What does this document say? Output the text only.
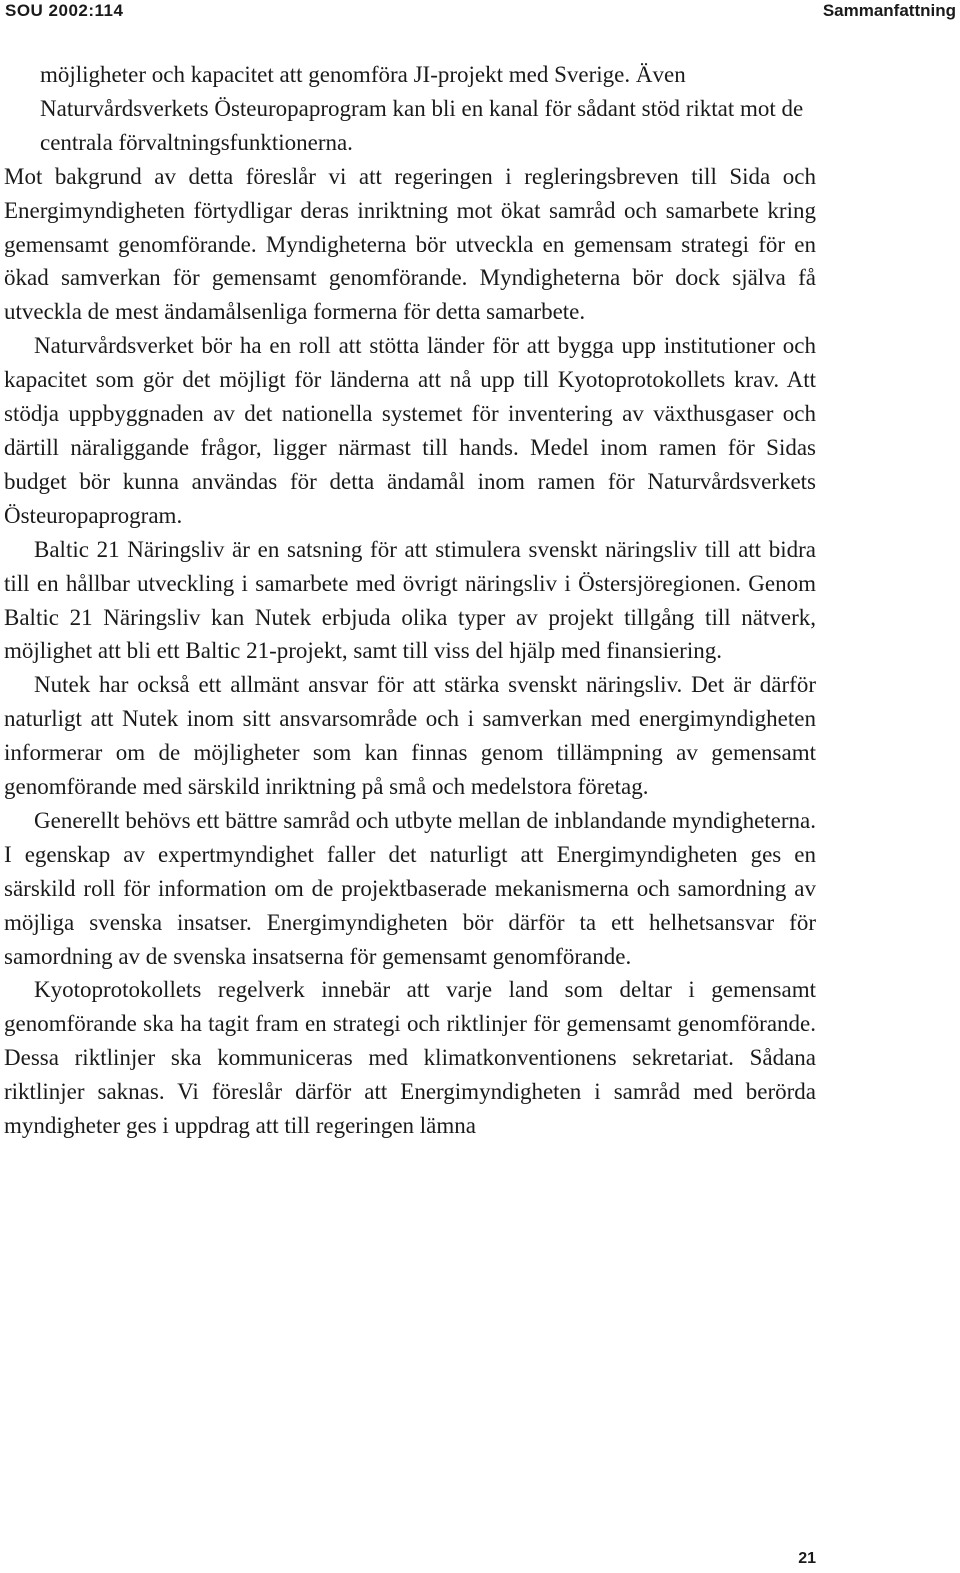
SOU 2002:114	Sammanfattning

möjligheter och kapacitet att genomföra JI-projekt med Sverige. Även Naturvårdsverkets Östeuropaprogram kan bli en kanal för sådant stöd riktat mot de centrala förvaltningsfunktionerna.

Mot bakgrund av detta föreslår vi att regeringen i regleringsbreven till Sida och Energimyndigheten förtydligar deras inriktning mot ökat samråd och samarbete kring gemensamt genomförande. Myndigheterna bör utveckla en gemensam strategi för en ökad samverkan för gemensamt genomförande. Myndigheterna bör dock själva få utveckla de mest ändamålsenliga formerna för detta samarbete.

Naturvårdsverket bör ha en roll att stötta länder för att bygga upp institutioner och kapacitet som gör det möjligt för länderna att nå upp till Kyotoprotokollets krav. Att stödja uppbyggnaden av det nationella systemet för inventering av växthusgaser och därtill näraliggande frågor, ligger närmast till hands. Medel inom ramen för Sidas budget bör kunna användas för detta ändamål inom ramen för Naturvårdsverkets Östeuropaprogram.

Baltic 21 Näringsliv är en satsning för att stimulera svenskt näringsliv till att bidra till en hållbar utveckling i samarbete med övrigt näringsliv i Östersjöregionen. Genom Baltic 21 Näringsliv kan Nutek erbjuda olika typer av projekt tillgång till nätverk, möjlighet att bli ett Baltic 21-projekt, samt till viss del hjälp med finansiering.

Nutek har också ett allmänt ansvar för att stärka svenskt näringsliv. Det är därför naturligt att Nutek inom sitt ansvarsområde och i samverkan med energimyndigheten informerar om de möjligheter som kan finnas genom tillämpning av gemensamt genomförande med särskild inriktning på små och medelstora företag.

Generellt behövs ett bättre samråd och utbyte mellan de inblandande myndigheterna. I egenskap av expertmyndighet faller det naturligt att Energimyndigheten ges en särskild roll för information om de projektbaserade mekanismerna och samordning av möjliga svenska insatser. Energimyndigheten bör därför ta ett helhetsansvar för samordning av de svenska insatserna för gemensamt genomförande.

Kyotoprotokollets regelverk innebär att varje land som deltar i gemensamt genomförande ska ha tagit fram en strategi och riktlinjer för gemensamt genomförande. Dessa riktlinjer ska kommuniceras med klimatkonventionens sekretariat. Sådana riktlinjer saknas. Vi föreslår därför att Energimyndigheten i samråd med berörda myndigheter ges i uppdrag att till regeringen lämna

21
